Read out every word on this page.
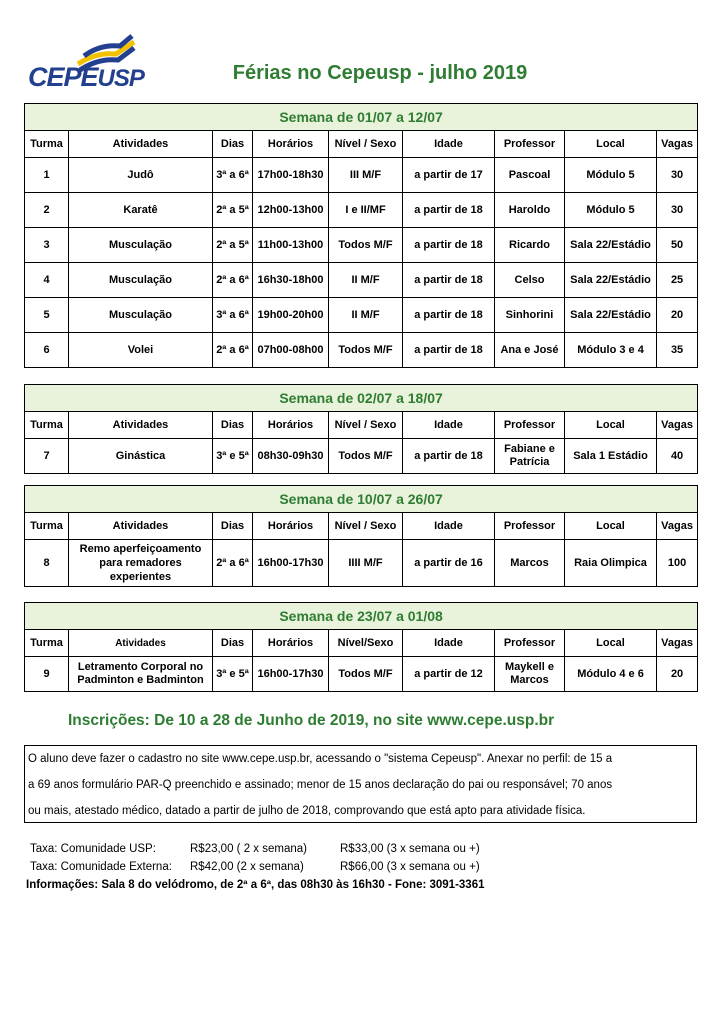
CEPEUSP	Férias no Cepeusp - julho 2019
Semana de 01/07 a 12/07								
Turma	Atividades	Dias	Horários	Nível / Sexo	Idade	Professor	Local	Vagas
1	Judô	3ª a 6ª	17h00-18h30	III M/F	a partir de 17	Pascoal	Módulo 5	30
2	Karatê	2ª a 5ª	12h00-13h00	I e II/MF	a partir de 18	Haroldo	Módulo 5	30
3	Musculação	2ª a 5ª	11h00-13h00	Todos M/F	a partir de 18	Ricardo	Sala 22/Estádio	50
4	Musculação	2ª a 6ª	16h30-18h00	II M/F	a partir de 18	Celso	Sala 22/Estádio	25
5	Musculação	3ª a 6ª	19h00-20h00	II M/F	a partir de 18	Sinhorini	Sala 22/Estádio	20
6	Volei	2ª a 6ª	07h00-08h00	Todos M/F	a partir de 18	Ana e José	Módulo 3 e 4	35
Semana de 02/07 a 18/07								
Turma	Atividades	Dias	Horários	Nível / Sexo	Idade	Professor	Local	Vagas
7	Ginástica	3ª e 5ª	08h30-09h30	Todos M/F	a partir de 18	Fabiane e Patrícia	Sala 1 Estádio	40
Semana de 10/07 a 26/07								
Turma	Atividades	Dias	Horários	Nível / Sexo	Idade	Professor	Local	Vagas
8	Remo aperfeiçoamento para remadores experientes	2ª a 6ª	16h00-17h30	IIII M/F	a partir de 16	Marcos	Raia Olimpica	100
Semana de 23/07 a 01/08								
Turma	Atividades	Dias	Horários	Nível/Sexo	Idade	Professor	Local	Vagas
9	Letramento Corporal no Padminton e Badminton	3ª e 5ª	16h00-17h30	Todos M/F	a partir de 12	Maykell e Marcos	Módulo 4 e 6	20
Inscrições: De 10 a 28 de Junho de 2019, no site www.cepe.usp.br
O aluno deve fazer o cadastro no site www.cepe.usp.br, acessando o "sistema Cepeusp". Anexar no perfil: de 15 a
a 69 anos formulário PAR-Q preenchido e assinado; menor de 15 anos declaração do pai ou responsável; 70 anos
ou mais, atestado médico, datado a partir de julho de 2018, comprovando que está apto para atividade física.
Taxa: Comunidade USP:	R$23,00 ( 2 x semana)	R$33,00 (3 x semana ou +)
Taxa: Comunidade Externa: R$42,00 (2 x semana)	R$66,00 (3 x semana ou +)
Informações: Sala 8 do velódromo, de 2ª a 6ª, das 08h30 às 16h30 - Fone: 3091-3361
